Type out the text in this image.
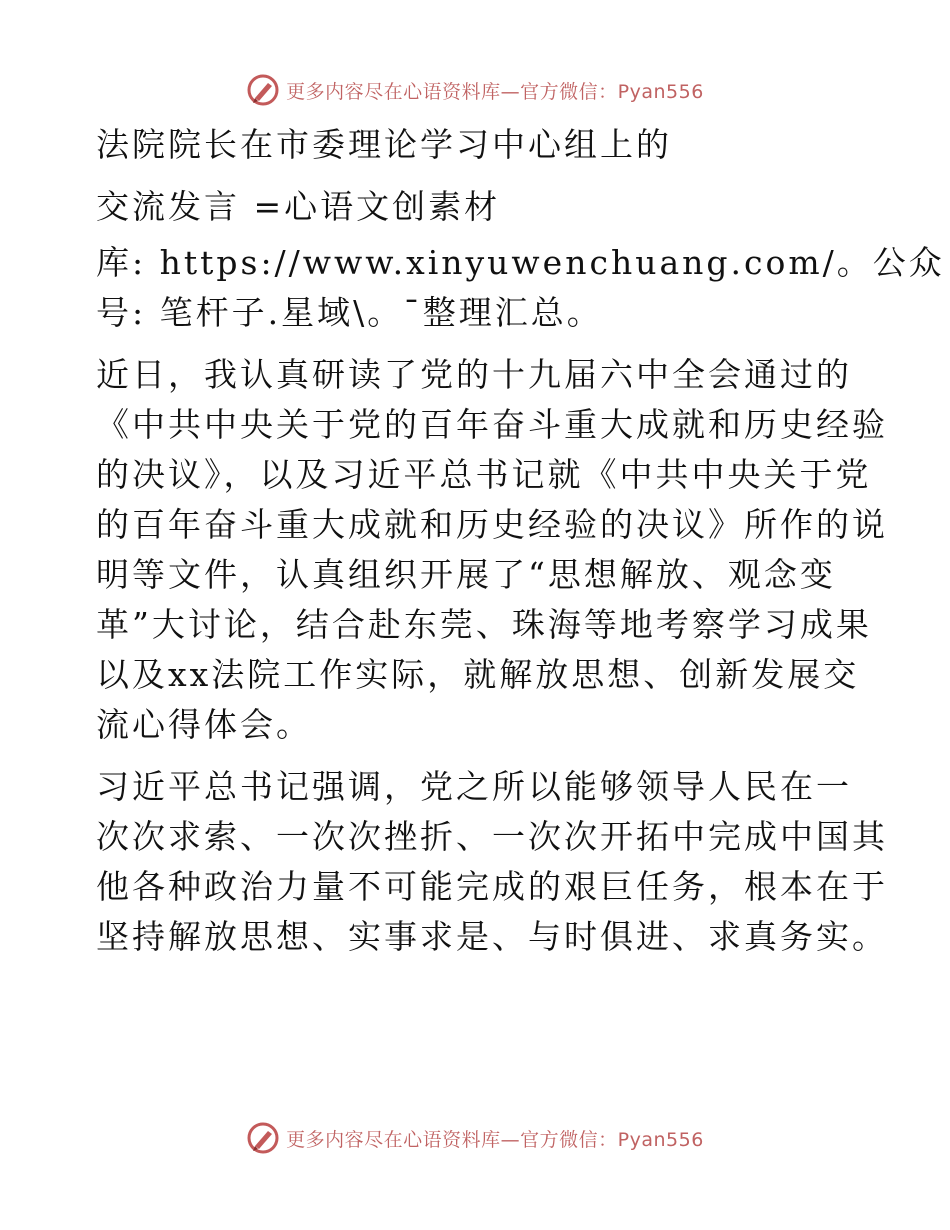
更多内容尽在心语资料库—官方微信：Pyan556
法院院长在市委理论学习中心组上的
交流发言 =心语文创素材
库: https://www.xinyuwenchuang.com/。公众
号: 笔杆子.星域\。¯整理汇总。
近日，我认真研读了党的十九届六中全会通过的
《中共中央关于党的百年奋斗重大成就和历史经验
的决议》，以及习近平总书记就《中共中央关于党
的百年奋斗重大成就和历史经验的决议》所作的说
明等文件，认真组织开展了“思想解放、观念变
革”大讨论，结合赴东莞、珠海等地考察学习成果
以及xx法院工作实际，就解放思想、创新发展交
流心得体会。
习近平总书记强调，党之所以能够领导人民在一
次次求索、一次次挫折、一次次开拓中完成中国其
他各种政治力量不可能完成的艰巨任务，根本在于
坚持解放思想、实事求是、与时俱进、求真务实。
更多内容尽在心语资料库—官方微信：Pyan556
